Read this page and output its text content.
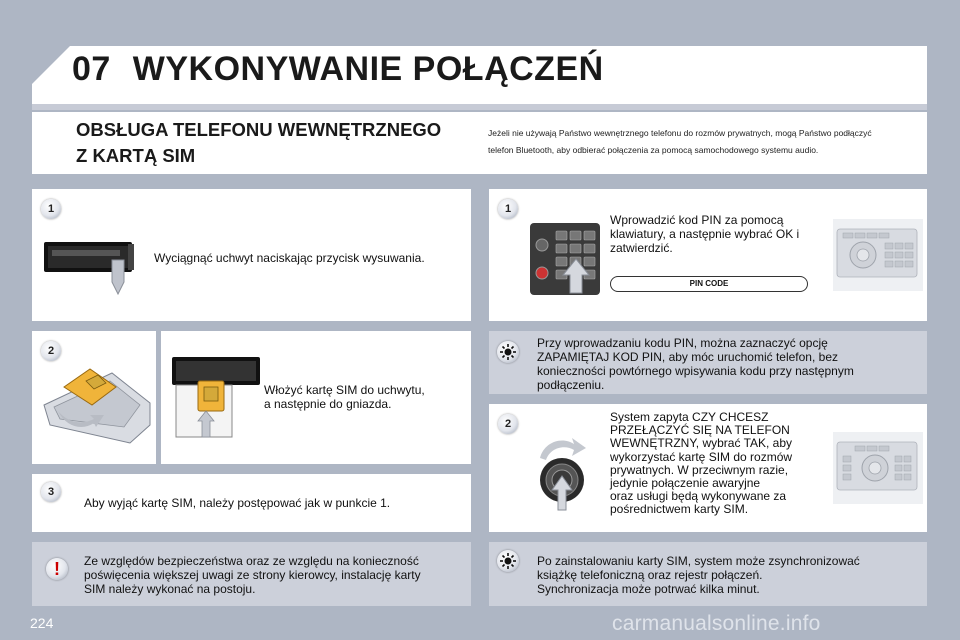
07 WYKONYWANIE POŁĄCZEŃ
OBSŁUGA TELEFONU WEWNĘTRZNEGO
Z KARTĄ SIM
Jeżeli nie używają Państwo wewnętrznego telefonu do rozmów prywatnych, mogą Państwo podłączyć
telefon Bluetooth, aby odbierać połączenia za pomocą samochodowego systemu audio.
1
Wyciągnąć uchwyt naciskając przycisk wysuwania.
2
Włożyć kartę SIM do uchwytu,
a następnie do gniazda.
3
Aby wyjąć kartę SIM, należy postępować jak w punkcie 1.
!	Ze względów bezpieczeństwa oraz ze względu na konieczność
poświęcenia większej uwagi ze strony kierowcy, instalację karty
SIM należy wykonać na postoju.
1
Wprowadzić kod PIN za pomocą
klawiatury, a następnie wybrać OK i
zatwierdzić.
PIN CODE
Przy wprowadzaniu kodu PIN, można zaznaczyć opcję
ZAPAMIĘTAJ KOD PIN, aby móc uruchomić telefon, bez
konieczności powtórnego wpisywania kodu przy następnym
podłączeniu.
2	System zapyta CZY CHCESZ
PRZEŁĄCZYĆ SIĘ NA TELEFON
WEWNĘTRZNY, wybrać TAK, aby
wykorzystać kartę SIM do rozmów
prywatnych. W przeciwnym razie,
jedynie połączenie awaryjne
oraz usługi będą wykonywane za
pośrednictwem karty SIM.
Po zainstalowaniu karty SIM, system może zsynchronizować
książkę telefoniczną oraz rejestr połączeń.
Synchronizacja może potrwać kilka minut.
224	carmanualsonline.info
